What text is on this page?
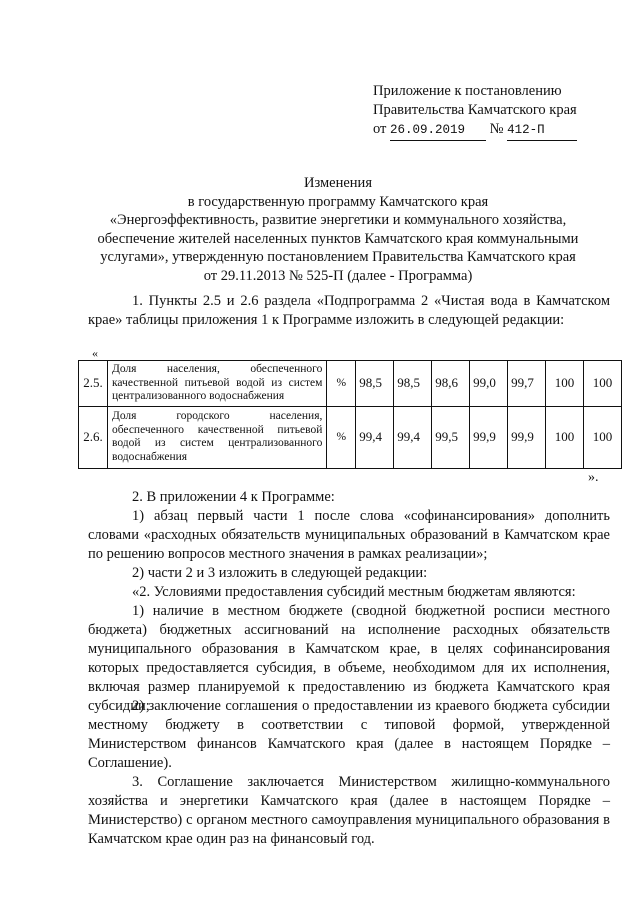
Приложение к постановлению
Правительства Камчатского края
от 26.09.2019 № 412-П
Изменения
в государственную программу Камчатского края
«Энергоэффективность, развитие энергетики и коммунального хозяйства,
обеспечение жителей населенных пунктов Камчатского края коммунальными
услугами», утвержденную постановлением Правительства Камчатского края
от 29.11.2013 № 525-П (далее - Программа)
1. Пункты 2.5 и 2.6 раздела «Подпрограмма 2 «Чистая вода в Камчатском крае» таблицы приложения 1 к Программе изложить в следующей редакции:
«
2.5.	Доля населения, обеспеченного качественной питьевой водой из систем централизованного водоснабжения	%	98,5	98,5	98,6	99,0	99,7	100	100
2.6.	Доля городского населения, обеспеченного качественной питьевой водой из систем централизованного водоснабжения	%	99,4	99,4	99,5	99,9	99,9	100	100
».
2. В приложении 4 к Программе:
1) абзац первый части 1 после слова «софинансирования» дополнить словами «расходных обязательств муниципальных образований в Камчатском крае по решению вопросов местного значения в рамках реализации»;
2) части 2 и 3 изложить в следующей редакции:
«2. Условиями предоставления субсидий местным бюджетам являются:
1) наличие в местном бюджете (сводной бюджетной росписи местного бюджета) бюджетных ассигнований на исполнение расходных обязательств муниципального образования в Камчатском крае, в целях софинансирования которых предоставляется субсидия, в объеме, необходимом для их исполнения, включая размер планируемой к предоставлению из бюджета Камчатского края субсидии;
2) заключение соглашения о предоставлении из краевого бюджета субсидии местному бюджету в соответствии с типовой формой, утвержденной Министерством финансов Камчатского края (далее в настоящем Порядке – Соглашение).
3. Соглашение заключается Министерством жилищно-коммунального хозяйства и энергетики Камчатского края (далее в настоящем Порядке – Министерство) с органом местного самоуправления муниципального образования в Камчатском крае один раз на финансовый год.
